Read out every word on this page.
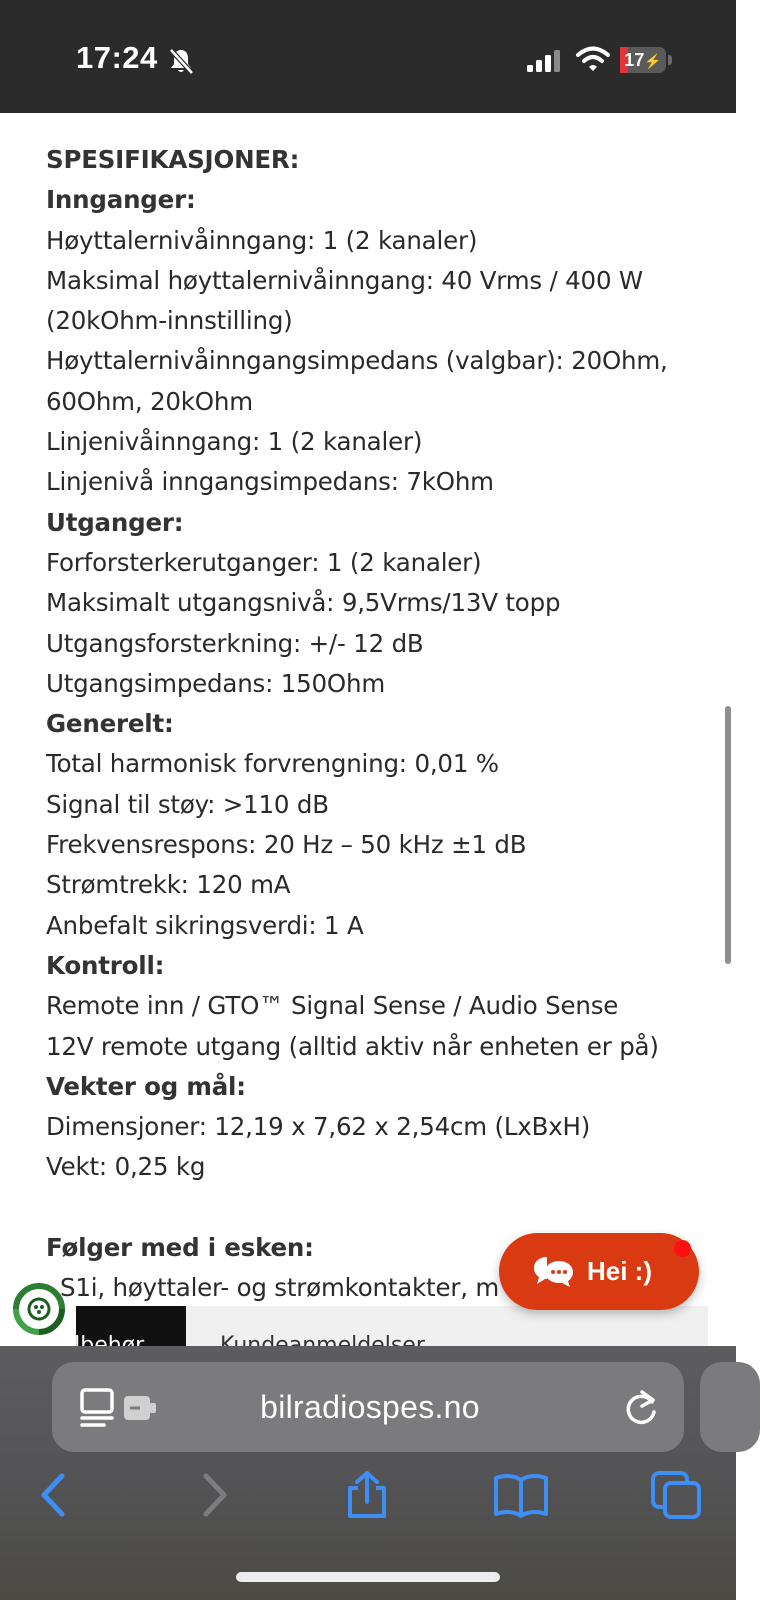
17:24	17⚡
SPESIFIKASJONER:
Innganger:
Høyttalernivåinngang: 1 (2 kanaler)
Maksimal høyttalernivåinngang: 40 Vrms / 400 W
(20kOhm-innstilling)
Høyttalernivåinngangsimpedans (valgbar): 20Ohm,
60Ohm, 20kOhm
Linjenivåinngang: 1 (2 kanaler)
Linjenivå inngangsimpedans: 7kOhm
Utganger:
Forforsterkerutganger: 1 (2 kanaler)
Maksimalt utgangsnivå: 9,5Vrms/13V topp
Utgangsforsterkning: +/- 12 dB
Utgangsimpedans: 150Ohm
Generelt:
Total harmonisk forvrengning: 0,01 %
Signal til støy: >110 dB
Frekvensrespons: 20 Hz – 50 kHz ±1 dB
Strømtrekk: 120 mA
Anbefalt sikringsverdi: 1 A
Kontroll:
Remote inn / GTO™ Signal Sense / Audio Sense
12V remote utgang (alltid aktiv når enheten er på)
Vekter og mål:
Dimensjoner: 12,19 x 7,62 x 2,54cm (LxBxH)
Vekt: 0,25 kg
Følger med i esken:
S1i, høyttaler- og strømkontakter, m
Hei :)
bilradiospes.no
